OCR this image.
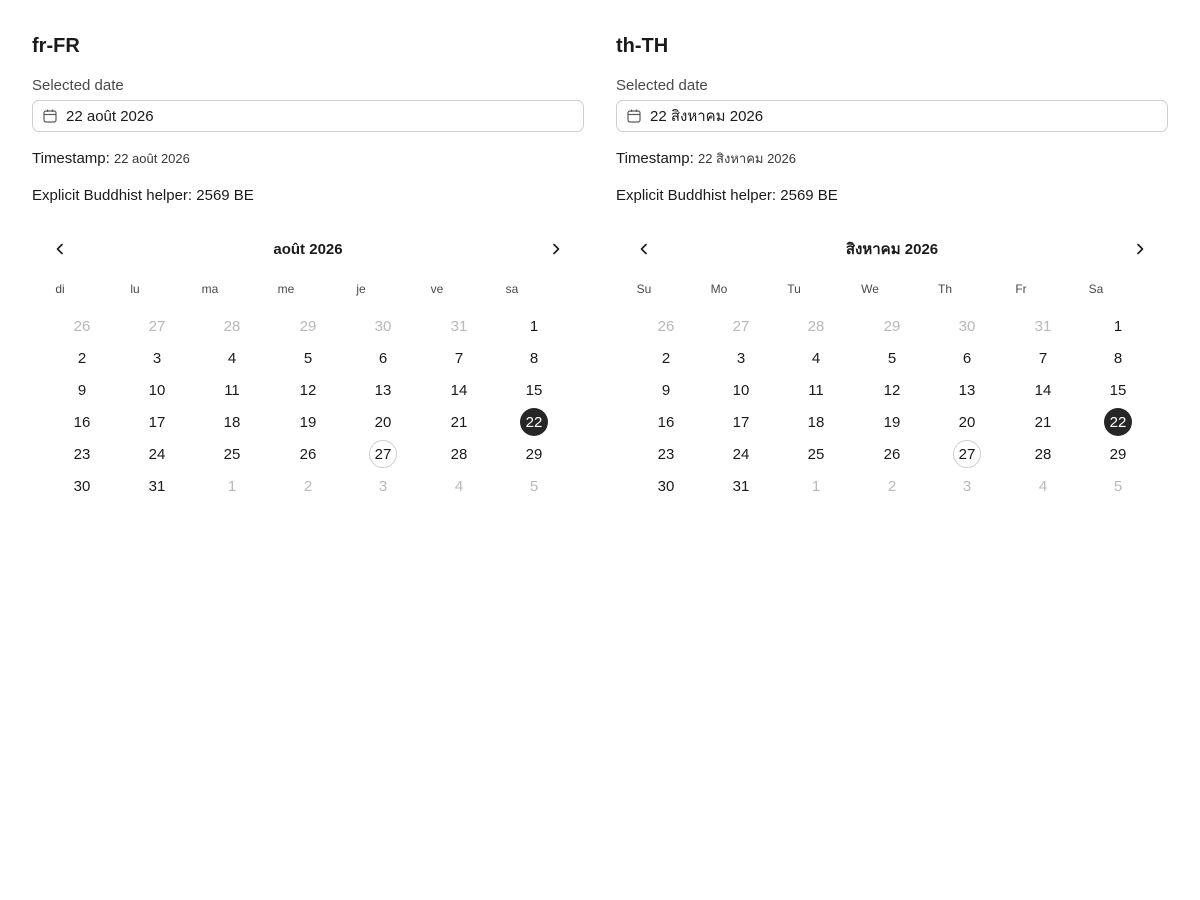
fr-FR
Selected date
22 août 2026
Timestamp: 22 août 2026
Explicit Buddhist helper: 2569 BE
août 2026
di	lu	ma	me	je	ve	sa
26	27	28	29	30	31	1
2	3	4	5	6	7	8
9	10	11	12	13	14	15
16	17	18	19	20	21	22
23	24	25	26	27	28	29
30	31	1	2	3	4	5
th-TH
Selected date
22 สิงหาคม 2026
Timestamp: 22 สิงหาคม 2026
Explicit Buddhist helper: 2569 BE
สิงหาคม 2026
Su	Mo	Tu	We	Th	Fr	Sa
26	27	28	29	30	31	1
2	3	4	5	6	7	8
9	10	11	12	13	14	15
16	17	18	19	20	21	22
23	24	25	26	27	28	29
30	31	1	2	3	4	5
